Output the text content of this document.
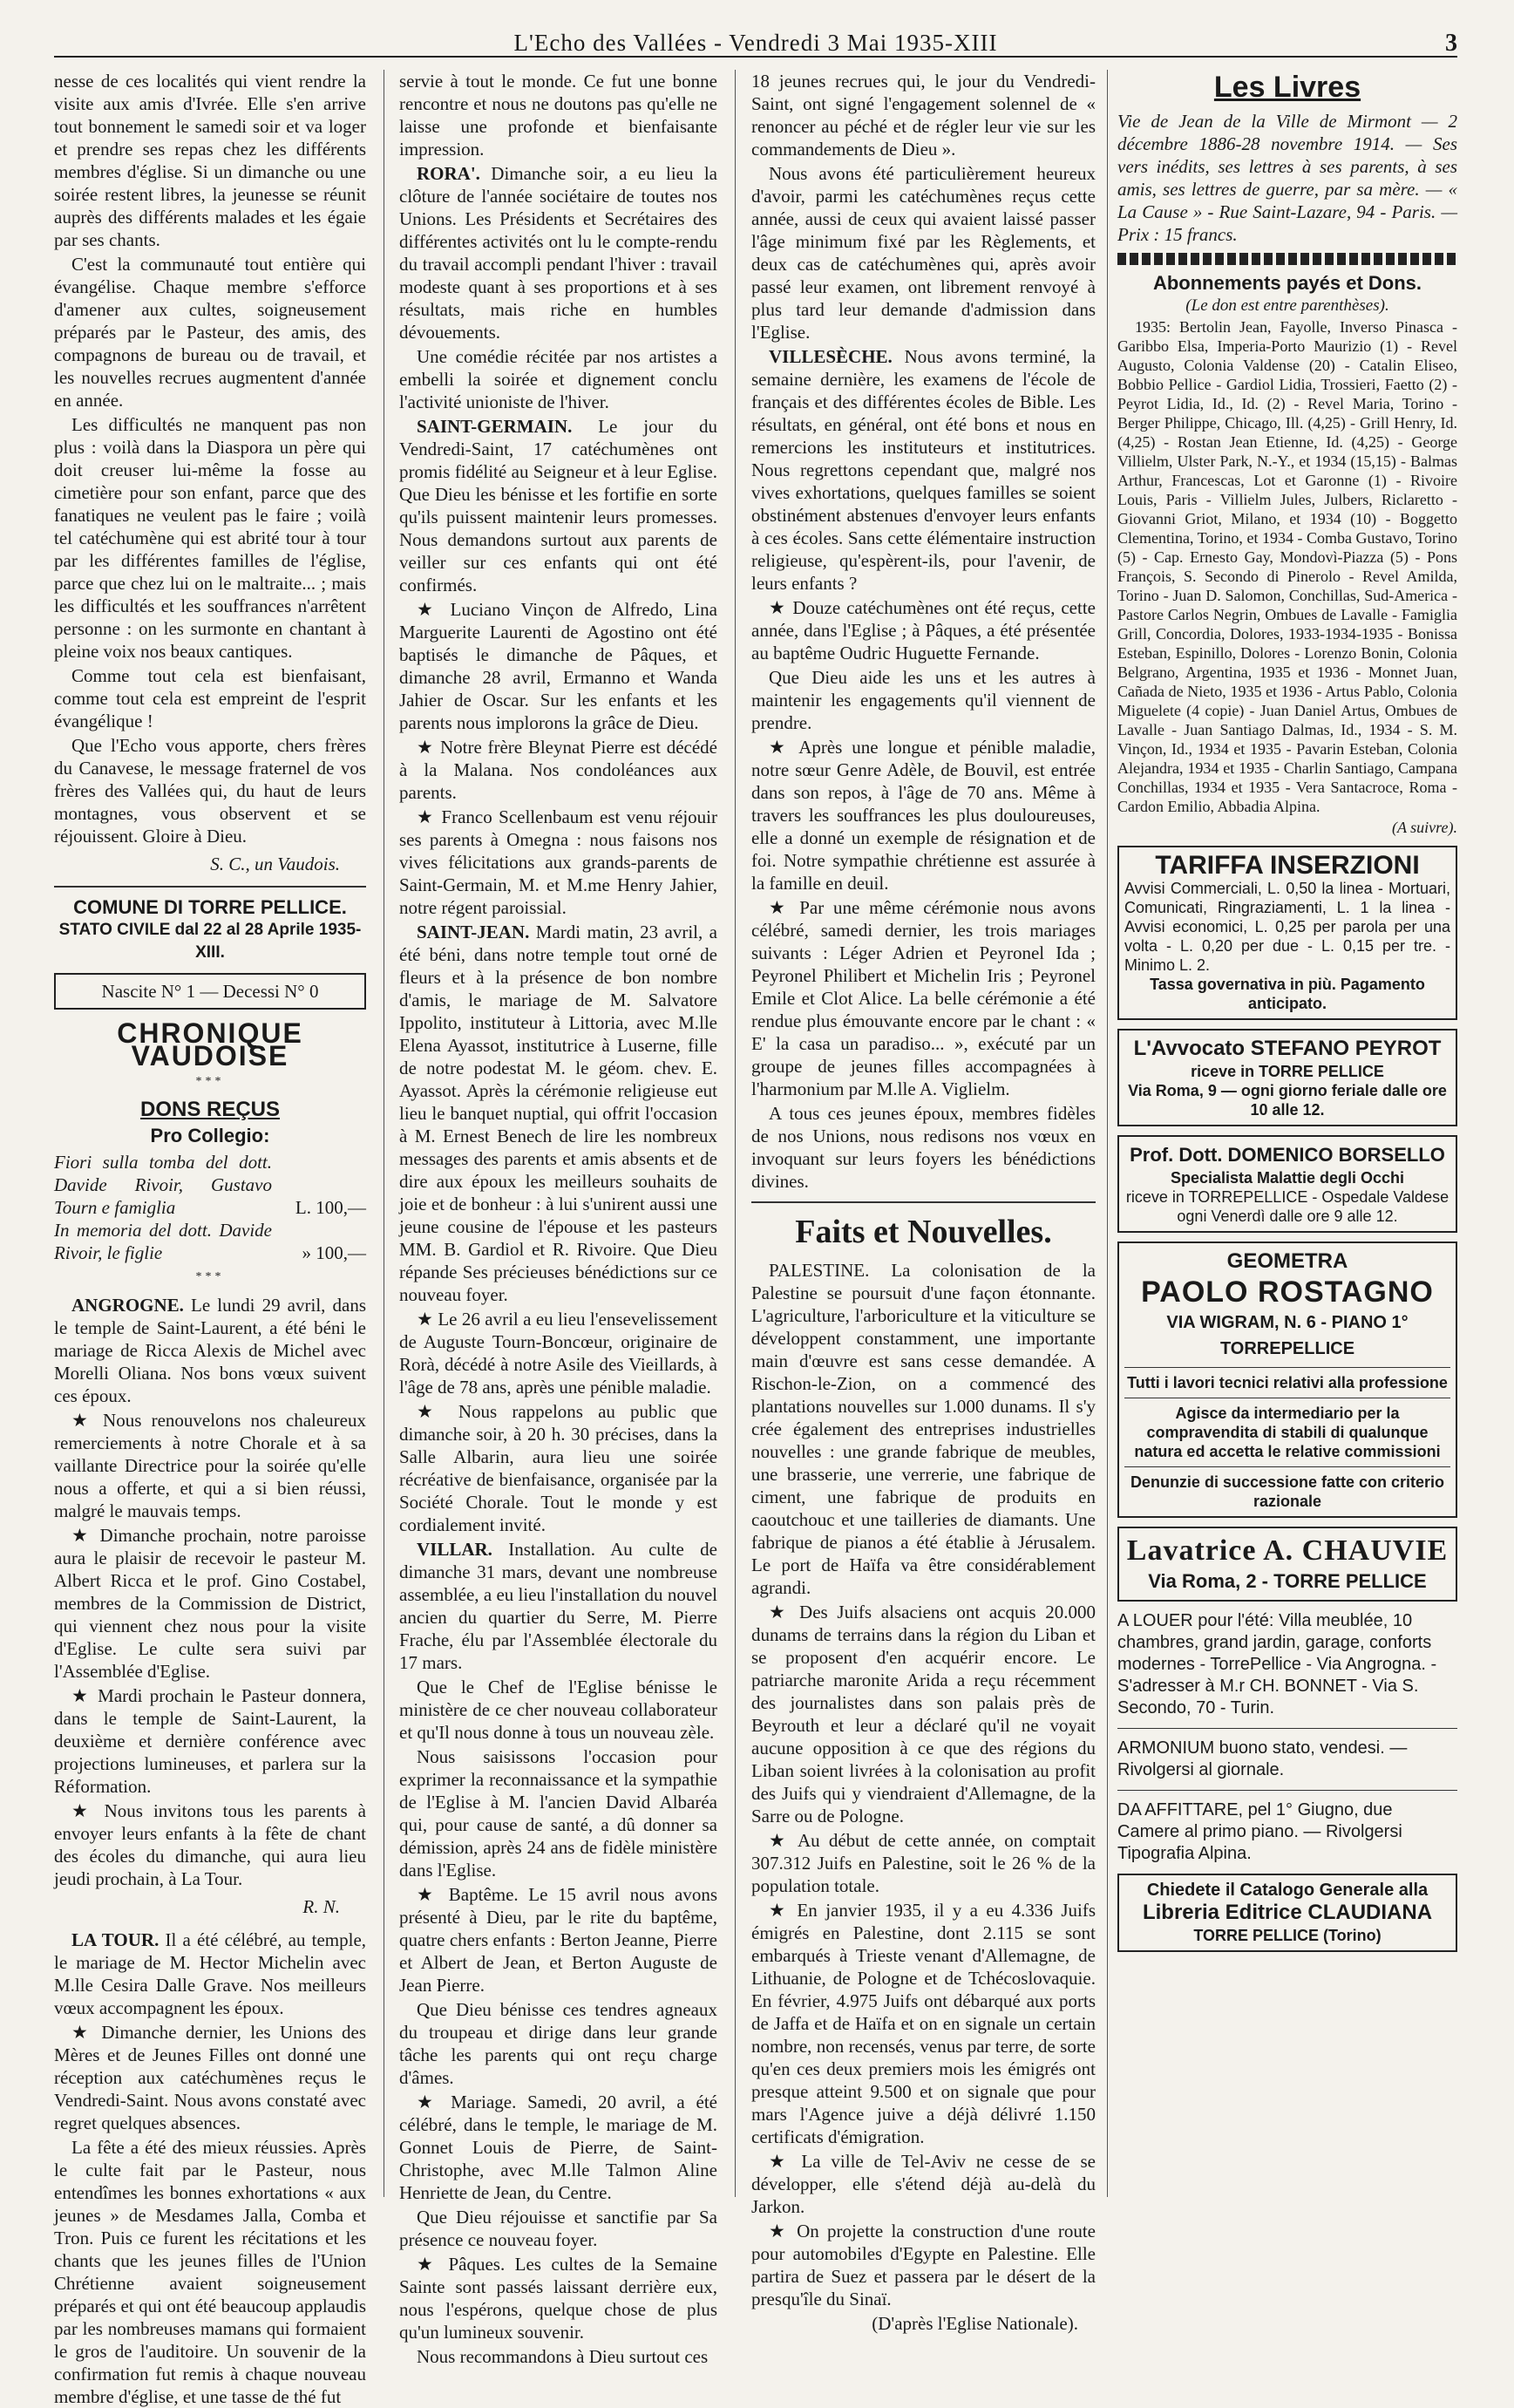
L'Echo des Vallées - Vendredi 3 Mai 1935-XIII	3

nesse de ces localités qui vient rendre la visite aux amis d'Ivrée. Elle s'en arrive tout bonnement le samedi soir et va loger et prendre ses repas chez les différents membres d'église. Si un dimanche ou une soirée restent libres, la jeunesse se réunit auprès des différents malades et les égaie par ses chants.

C'est la communauté tout entière qui évangélise. Chaque membre s'efforce d'amener aux cultes, soigneusement préparés par le Pasteur, des amis, des compagnons de bureau ou de travail, et les nouvelles recrues augmentent d'année en année.

Les difficultés ne manquent pas non plus : voilà dans la Diaspora un père qui doit creuser lui-même la fosse au cimetière pour son enfant, parce que des fanatiques ne veulent pas le faire ; voilà tel catéchumène qui est abrité tour à tour par les différentes familles de l'église, parce que chez lui on le maltraite... ; mais les difficultés et les souffrances n'arrêtent personne : on les surmonte en chantant à pleine voix nos beaux cantiques.

Comme tout cela est bienfaisant, comme tout cela est empreint de l'esprit évangélique !

Que l'Echo vous apporte, chers frères du Canavese, le message fraternel de vos frères des Vallées qui, du haut de leurs montagnes, vous observent et se réjouissent. Gloire à Dieu.

S. C., un Vaudois.
COMUNE DI TORRE PELLICE.
STATO CIVILE dal 22 al 28 Aprile 1935-XIII.
Nascite N° 1 — Decessi N° 0
CHRONIQUE VAUDOISE
***
DONS REÇUS
Pro Collegio:
Fiori sulla tomba del dott. Davide Rivoir, Gustavo Tourn e famiglia	L. 100,—
In memoria del dott. Davide Rivoir, le figlie	» 100,—
***

ANGROGNE. Le lundi 29 avril, dans le temple de Saint-Laurent, a été béni le mariage de Ricca Alexis de Michel avec Morelli Oliana. Nos bons vœux suivent ces époux.

★ Nous renouvelons nos chaleureux remerciements à notre Chorale et à sa vaillante Directrice pour la soirée qu'elle nous a offerte, et qui a si bien réussi, malgré le mauvais temps.

★ Dimanche prochain, notre paroisse aura le plaisir de recevoir le pasteur M. Albert Ricca et le prof. Gino Costabel, membres de la Commission de District, qui viennent chez nous pour la visite d'Eglise. Le culte sera suivi par l'Assemblée d'Eglise.

★ Mardi prochain le Pasteur donnera, dans le temple de Saint-Laurent, la deuxième et dernière conférence avec projections lumineuses, et parlera sur la Réformation.

★ Nous invitons tous les parents à envoyer leurs enfants à la fête de chant des écoles du dimanche, qui aura lieu jeudi prochain, à La Tour.

R. N.

LA TOUR. Il a été célébré, au temple, le mariage de M. Hector Michelin avec M.lle Cesira Dalle Grave. Nos meilleurs vœux accompagnent les époux.

★ Dimanche dernier, les Unions des Mères et de Jeunes Filles ont donné une réception aux catéchumènes reçus le Vendredi-Saint. Nous avons constaté avec regret quelques absences.

La fête a été des mieux réussies. Après le culte fait par le Pasteur, nous entendîmes les bonnes exhortations « aux jeunes » de Mesdames Jalla, Comba et Tron. Puis ce furent les récitations et les chants que les jeunes filles de l'Union Chrétienne avaient soigneusement préparés et qui ont été beaucoup applaudis par les nombreuses mamans qui formaient le gros de l'auditoire. Un souvenir de la confirmation fut remis à chaque nouveau membre d'église, et une tasse de thé fut

servie à tout le monde. Ce fut une bonne rencontre et nous ne doutons pas qu'elle ne laisse une profonde et bienfaisante impression.

RORA'. Dimanche soir, a eu lieu la clôture de l'année sociétaire de toutes nos Unions. Les Présidents et Secrétaires des différentes activités ont lu le compte-rendu du travail accompli pendant l'hiver : travail modeste quant à ses proportions et à ses résultats, mais riche en humbles dévouements.

Une comédie récitée par nos artistes a embelli la soirée et dignement conclu l'activité unioniste de l'hiver.

SAINT-GERMAIN. Le jour du Vendredi-Saint, 17 catéchumènes ont promis fidélité au Seigneur et à leur Eglise. Que Dieu les bénisse et les fortifie en sorte qu'ils puissent maintenir leurs promesses. Nous demandons surtout aux parents de veiller sur ces enfants qui ont été confirmés.

★ Luciano Vinçon de Alfredo, Lina Marguerite Laurenti de Agostino ont été baptisés le dimanche de Pâques, et dimanche 28 avril, Ermanno et Wanda Jahier de Oscar. Sur les enfants et les parents nous implorons la grâce de Dieu.

★ Notre frère Bleynat Pierre est décédé à la Malana. Nos condoléances aux parents.

★ Franco Scellenbaum est venu réjouir ses parents à Omegna : nous faisons nos vives félicitations aux grands-parents de Saint-Germain, M. et M.me Henry Jahier, notre régent paroissial.

SAINT-JEAN. Mardi matin, 23 avril, a été béni, dans notre temple tout orné de fleurs et à la présence de bon nombre d'amis, le mariage de M. Salvatore Ippolito, instituteur à Littoria, avec M.lle Elena Ayassot, institutrice à Luserne, fille de notre podestat M. le géom. chev. E. Ayassot. Après la cérémonie religieuse eut lieu le banquet nuptial, qui offrit l'occasion à M. Ernest Benech de lire les nombreux messages des parents et amis absents et de dire aux époux les meilleurs souhaits de joie et de bonheur : à lui s'unirent aussi une jeune cousine de l'épouse et les pasteurs MM. B. Gardiol et R. Rivoire. Que Dieu répande Ses précieuses bénédictions sur ce nouveau foyer.

★ Le 26 avril a eu lieu l'ensevelissement de Auguste Tourn-Boncœur, originaire de Rorà, décédé à notre Asile des Vieillards, à l'âge de 78 ans, après une pénible maladie.

★ Nous rappelons au public que dimanche soir, à 20 h. 30 précises, dans la Salle Albarin, aura lieu une soirée récréative de bienfaisance, organisée par la Société Chorale. Tout le monde y est cordialement invité.

VILLAR. Installation. Au culte de dimanche 31 mars, devant une nombreuse assemblée, a eu lieu l'installation du nouvel ancien du quartier du Serre, M. Pierre Frache, élu par l'Assemblée électorale du 17 mars.

Que le Chef de l'Eglise bénisse le ministère de ce cher nouveau collaborateur et qu'Il nous donne à tous un nouveau zèle.

Nous saisissons l'occasion pour exprimer la reconnaissance et la sympathie de l'Eglise à M. l'ancien David Albaréa qui, pour cause de santé, a dû donner sa démission, après 24 ans de fidèle ministère dans l'Eglise.

★ Baptême. Le 15 avril nous avons présenté à Dieu, par le rite du baptême, quatre chers enfants : Berton Jeanne, Pierre et Albert de Jean, et Berton Auguste de Jean Pierre.

Que Dieu bénisse ces tendres agneaux du troupeau et dirige dans leur grande tâche les parents qui ont reçu charge d'âmes.

★ Mariage. Samedi, 20 avril, a été célébré, dans le temple, le mariage de M. Gonnet Louis de Pierre, de Saint-Christophe, avec M.lle Talmon Aline Henriette de Jean, du Centre.

Que Dieu réjouisse et sanctifie par Sa présence ce nouveau foyer.

★ Pâques. Les cultes de la Semaine Sainte sont passés laissant derrière eux, nous l'espérons, quelque chose de plus qu'un lumineux souvenir.

Nous recommandons à Dieu surtout ces

18 jeunes recrues qui, le jour du Vendredi-Saint, ont signé l'engagement solennel de « renoncer au péché et de régler leur vie sur les commandements de Dieu ».

Nous avons été particulièrement heureux d'avoir, parmi les catéchumènes reçus cette année, aussi de ceux qui avaient laissé passer l'âge minimum fixé par les Règlements, et deux cas de catéchumènes qui, après avoir passé leur examen, ont librement renvoyé à plus tard leur demande d'admission dans l'Eglise.

VILLESÈCHE. Nous avons terminé, la semaine dernière, les examens de l'école de français et des différentes écoles de Bible. Les résultats, en général, ont été bons et nous en remercions les instituteurs et institutrices. Nous regrettons cependant que, malgré nos vives exhortations, quelques familles se soient obstinément abstenues d'envoyer leurs enfants à ces écoles. Sans cette élémentaire instruction religieuse, qu'espèrent-ils, pour l'avenir, de leurs enfants ?

★ Douze catéchumènes ont été reçus, cette année, dans l'Eglise ; à Pâques, a été présentée au baptême Oudric Huguette Fernande.

Que Dieu aide les uns et les autres à maintenir les engagements qu'il viennent de prendre.

★ Après une longue et pénible maladie, notre sœur Genre Adèle, de Bouvil, est entrée dans son repos, à l'âge de 70 ans. Même à travers les souffrances les plus douloureuses, elle a donné un exemple de résignation et de foi. Notre sympathie chrétienne est assurée à la famille en deuil.

★ Par une même cérémonie nous avons célébré, samedi dernier, les trois mariages suivants : Léger Adrien et Peyronel Ida ; Peyronel Philibert et Michelin Iris ; Peyronel Emile et Clot Alice. La belle cérémonie a été rendue plus émouvante encore par le chant : « E' la casa un paradiso... », exécuté par un groupe de jeunes filles accompagnées à l'harmonium par M.lle A. Viglielm.

A tous ces jeunes époux, membres fidèles de nos Unions, nous redisons nos vœux en invoquant sur leurs foyers les bénédictions divines.

Faits et Nouvelles.

PALESTINE. La colonisation de la Palestine se poursuit d'une façon étonnante. L'agriculture, l'arboriculture et la viticulture se développent constamment, une importante main d'œuvre est sans cesse demandée. A Rischon-le-Zion, on a commencé des plantations nouvelles sur 1.000 dunams. Il s'y crée également des entreprises industrielles nouvelles : une grande fabrique de meubles, une brasserie, une verrerie, une fabrique de ciment, une fabrique de produits en caoutchouc et une tailleries de diamants. Une fabrique de pianos a été établie à Jérusalem. Le port de Haïfa va être considérablement agrandi.

★ Des Juifs alsaciens ont acquis 20.000 dunams de terrains dans la région du Liban et se proposent d'en acquérir encore. Le patriarche maronite Arida a reçu récemment des journalistes dans son palais près de Beyrouth et leur a déclaré qu'il ne voyait aucune opposition à ce que des régions du Liban soient livrées à la colonisation au profit des Juifs qui y viendraient d'Allemagne, de la Sarre ou de Pologne.

★ Au début de cette année, on comptait 307.312 Juifs en Palestine, soit le 26 % de la population totale.

★ En janvier 1935, il y a eu 4.336 Juifs émigrés en Palestine, dont 2.115 se sont embarqués à Trieste venant d'Allemagne, de Lithuanie, de Pologne et de Tchécoslovaquie. En février, 4.975 Juifs ont débarqué aux ports de Jaffa et de Haïfa et on en signale un certain nombre, non recensés, venus par terre, de sorte qu'en ces deux premiers mois les émigrés ont presque atteint 9.500 et on signale que pour mars l'Agence juive a déjà délivré 1.150 certificats d'émigration.

★ La ville de Tel-Aviv ne cesse de se développer, elle s'étend déjà au-delà du Jarkon.

★ On projette la construction d'une route pour automobiles d'Egypte en Palestine. Elle partira de Suez et passera par le désert de la presqu'île du Sinaï.

(D'après l'Eglise Nationale).
Les Livres

Vie de Jean de la Ville de Mirmont — 2 décembre 1886-28 novembre 1914. — Ses vers inédits, ses lettres à ses parents, à ses amis, ses lettres de guerre, par sa mère. — « La Cause » - Rue Saint-Lazare, 94 - Paris. — Prix : 15 francs.

Abonnements payés et Dons.
(Le don est entre parenthèses).

1935: Bertolin Jean, Fayolle, Inverso Pinasca - Garibbo Elsa, Imperia-Porto Maurizio (1) - Revel Augusto, Colonia Valdense (20) - Catalin Eliseo, Bobbio Pellice - Gardiol Lidia, Trossieri, Faetto (2) - Peyrot Lidia, Id., Id. (2) - Revel Maria, Torino - Berger Philippe, Chicago, Ill. (4,25) - Grill Henry, Id. (4,25) - Rostan Jean Etienne, Id. (4,25) - George Villielm, Ulster Park, N.-Y., et 1934 (15,15) - Balmas Arthur, Francescas, Lot et Garonne (1) - Rivoire Louis, Paris - Villielm Jules, Julbers, Riclaretto - Giovanni Griot, Milano, et 1934 (10) - Boggetto Clementina, Torino, et 1934 - Comba Gustavo, Torino (5) - Cap. Ernesto Gay, Mondovì-Piazza (5) - Pons François, S. Secondo di Pinerolo - Revel Amilda, Torino - Juan D. Salomon, Conchillas, Sud-America - Pastore Carlos Negrin, Ombues de Lavalle - Famiglia Grill, Concordia, Dolores, 1933-1934-1935 - Bonissa Esteban, Espinillo, Dolores - Lorenzo Bonin, Colonia Belgrano, Argentina, 1935 et 1936 - Monnet Juan, Cañada de Nieto, 1935 et 1936 - Artus Pablo, Colonia Miguelete (4 copie) - Juan Daniel Artus, Ombues de Lavalle - Juan Santiago Dalmas, Id., 1934 - S. M. Vinçon, Id., 1934 et 1935 - Pavarin Esteban, Colonia Alejandra, 1934 et 1935 - Charlin Santiago, Campana Conchillas, 1934 et 1935 - Vera Santacroce, Roma - Cardon Emilio, Abbadia Alpina.

(A suivre).
TARIFFA INSERZIONI
Avvisi Commerciali, L. 0,50 la linea - Mortuari, Comunicati, Ringraziamenti, L. 1 la linea - Avvisi economici, L. 0,25 per parola per una volta - L. 0,20 per due - L. 0,15 per tre. - Minimo L. 2.
Tassa governativa in più. Pagamento anticipato.
L'Avvocato STEFANO PEYROT
riceve in TORRE PELLICE
Via Roma, 9 — ogni giorno feriale dalle ore 10 alle 12.
Prof. Dott. DOMENICO BORSELLO
Specialista Malattie degli Occhi
riceve in TORREPELLICE - Ospedale Valdese ogni Venerdì dalle ore 9 alle 12.
GEOMETRA
PAOLO ROSTAGNO
VIA WIGRAM, N. 6 - PIANO 1°
TORREPELLICE
Tutti i lavori tecnici relativi alla professione
Agisce da intermediario per la compravendita di stabili di qualunque natura ed accetta le relative commissioni
Denunzie di successione fatte con criterio razionale
Lavatrice A. CHAUVIE
Via Roma, 2 - TORRE PELLICE
A LOUER pour l'été: Villa meublée, 10 chambres, grand jardin, garage, conforts modernes - TorrePellice - Via Angrogna. - S'adresser à M.r CH. BONNET - Via S. Secondo, 70 - Turin.
ARMONIUM buono stato, vendesi. — Rivolgersi al giornale.
DA AFFITTARE, pel 1° Giugno, due Camere al primo piano. — Rivolgersi Tipografia Alpina.
Chiedete il Catalogo Generale alla
Libreria Editrice CLAUDIANA
TORRE PELLICE (Torino)
